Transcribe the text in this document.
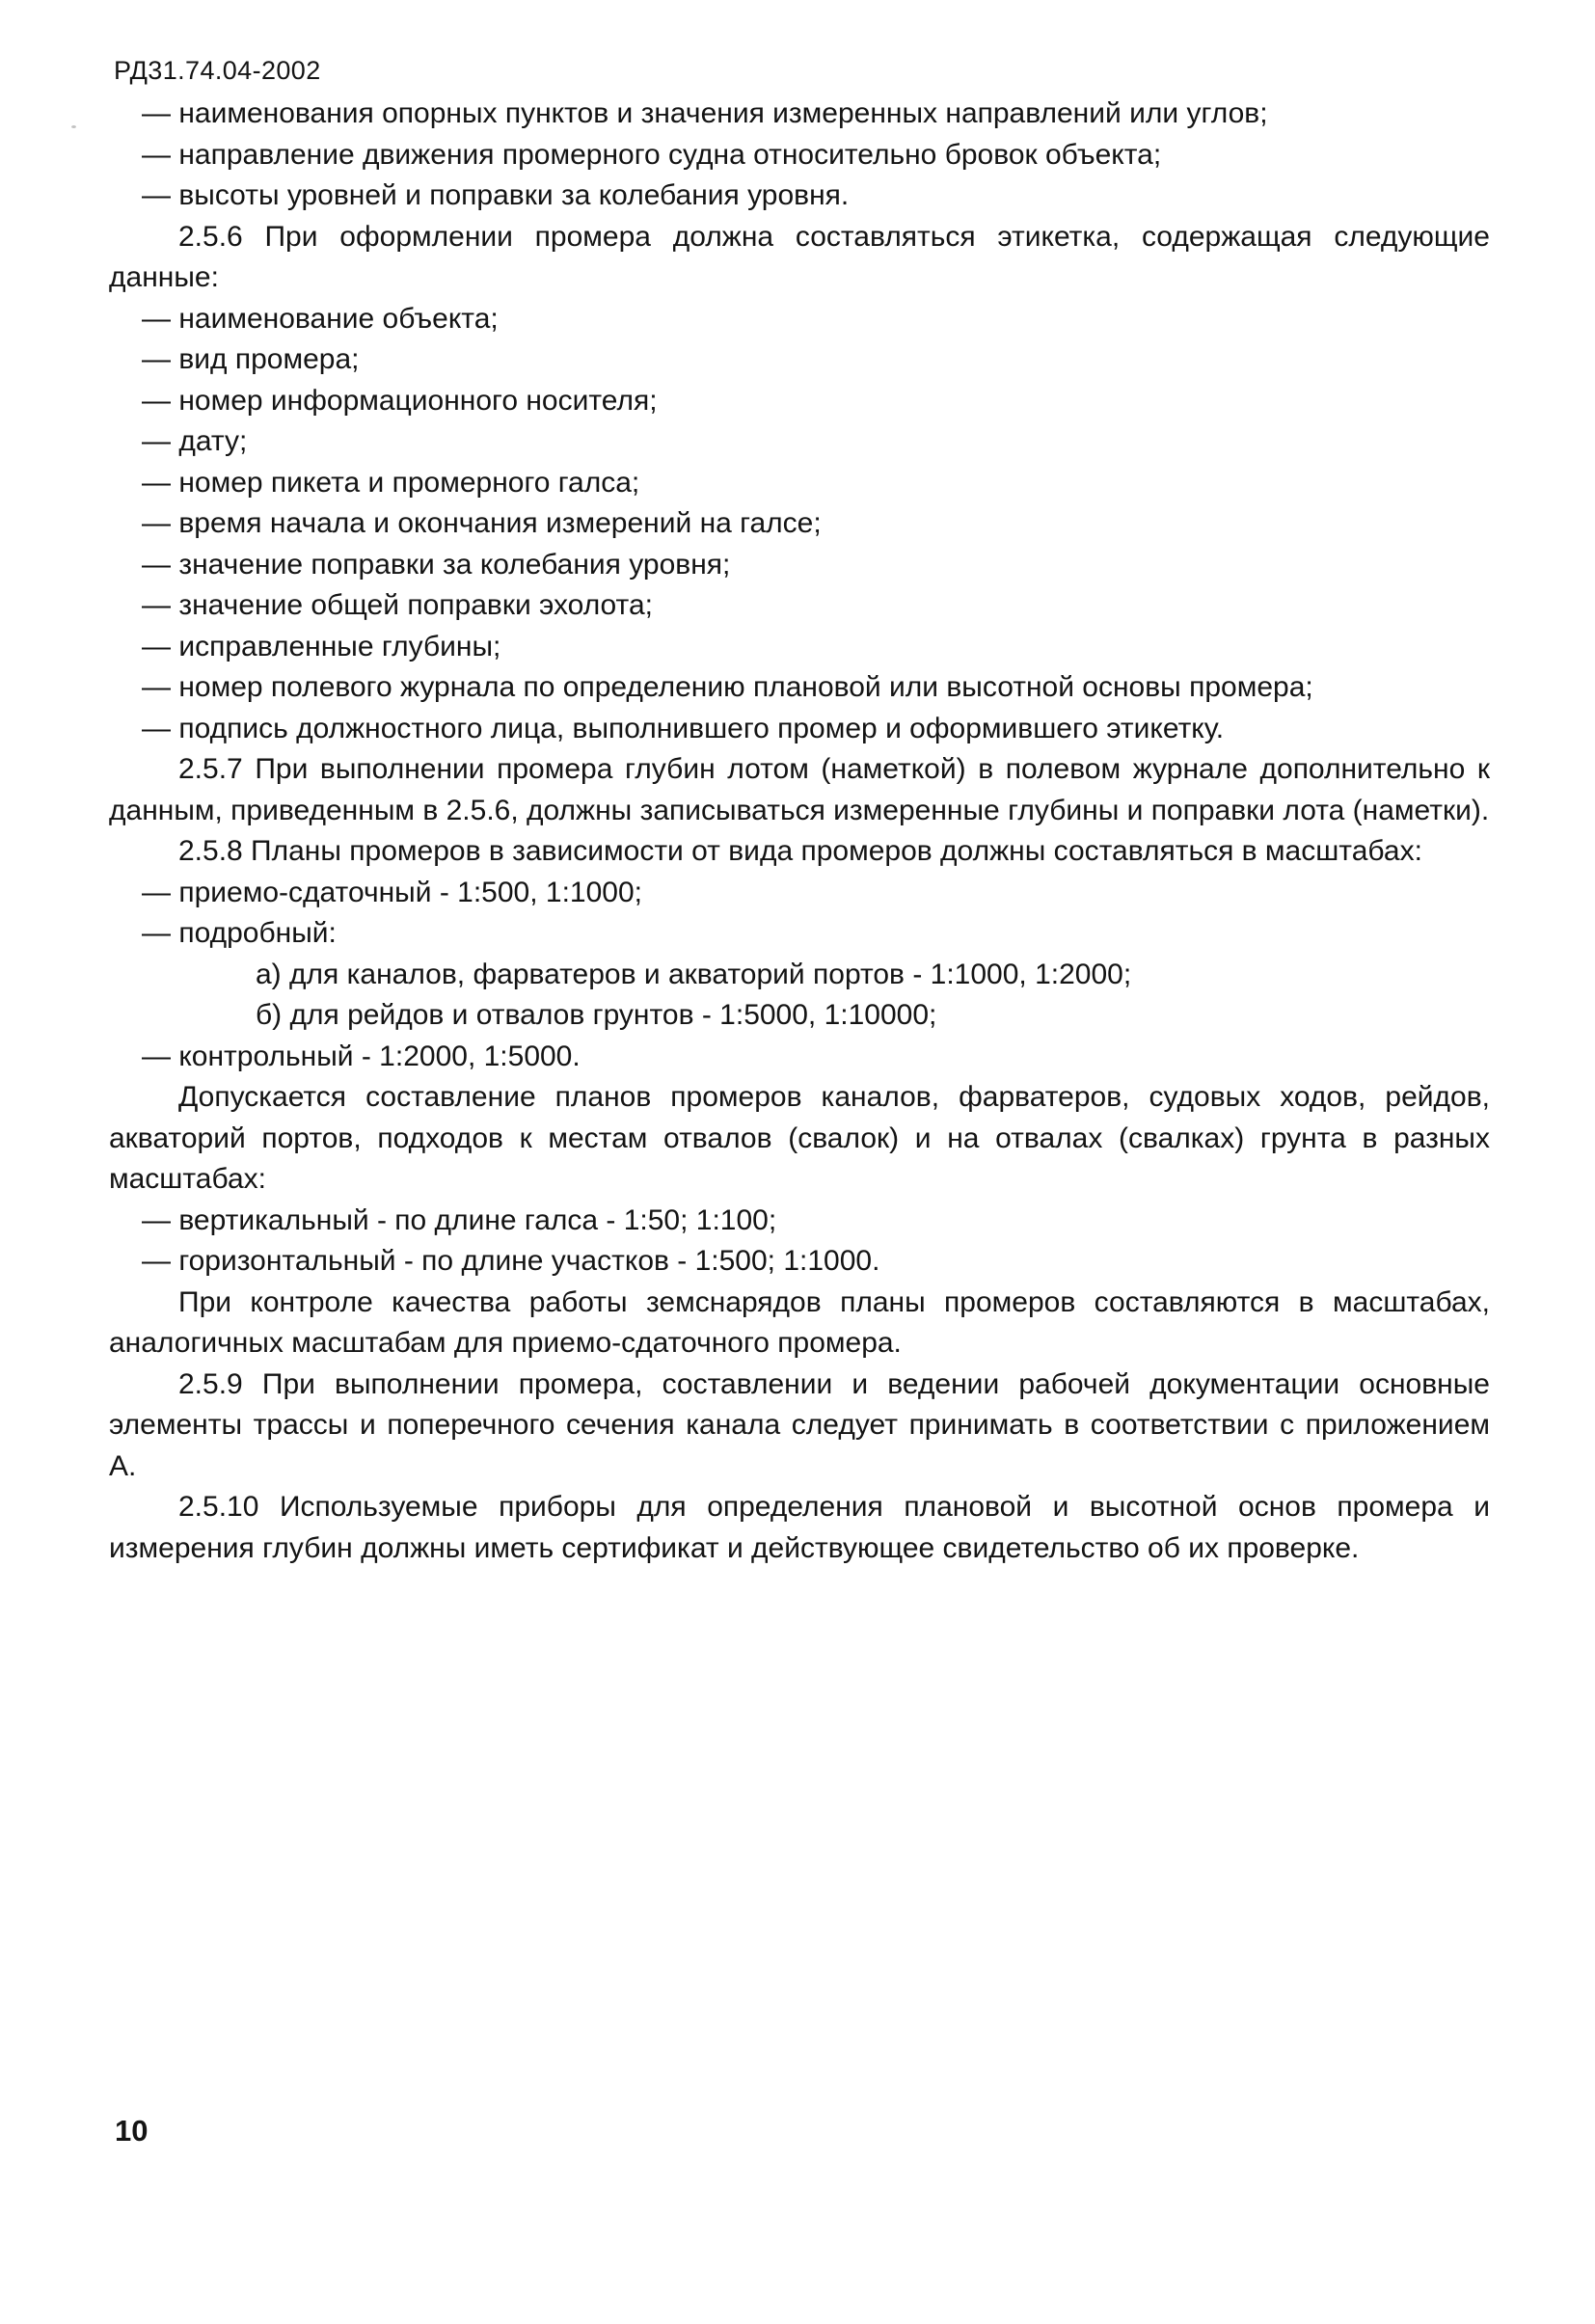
РД31.74.04-2002
— наименования опорных пунктов и значения измеренных направлений или углов;
— направление движения промерного судна относительно бровок объекта;
— высоты уровней и поправки за колебания уровня.
2.5.6 При оформлении промера должна составляться этикетка, содержащая следующие данные:
— наименование объекта;
— вид промера;
— номер информационного носителя;
— дату;
— номер пикета и промерного галса;
— время начала и окончания измерений на галсе;
— значение поправки за колебания уровня;
— значение общей поправки эхолота;
— исправленные глубины;
— номер полевого журнала по определению плановой или высотной основы промера;
— подпись должностного лица, выполнившего промер и оформившего этикетку.
2.5.7 При выполнении промера глубин лотом (наметкой) в полевом журнале дополнительно к данным, приведенным в 2.5.6, должны записываться измеренные глубины и поправки лота (наметки).
2.5.8 Планы промеров в зависимости от вида промеров должны составляться в масштабах:
— приемо-сдаточный - 1:500, 1:1000;
— подробный:
а) для каналов, фарватеров и акваторий портов - 1:1000, 1:2000;
б) для рейдов и отвалов грунтов - 1:5000, 1:10000;
— контрольный - 1:2000, 1:5000.
Допускается составление планов промеров каналов, фарватеров, судовых ходов, рейдов, акваторий портов, подходов к местам отвалов (свалок) и на отвалах (свалках) грунта в разных масштабах:
— вертикальный - по длине галса - 1:50; 1:100;
— горизонтальный - по длине участков - 1:500; 1:1000.
При контроле качества работы земснарядов планы промеров составляются в масштабах, аналогичных масштабам для приемо-сдаточного промера.
2.5.9 При выполнении промера, составлении и ведении рабочей документации основные элементы трассы и поперечного сечения канала следует принимать в соответствии с приложением А.
2.5.10 Используемые приборы для определения плановой и высотной основ промера и измерения глубин должны иметь сертификат и действующее свидетельство об их проверке.
10
